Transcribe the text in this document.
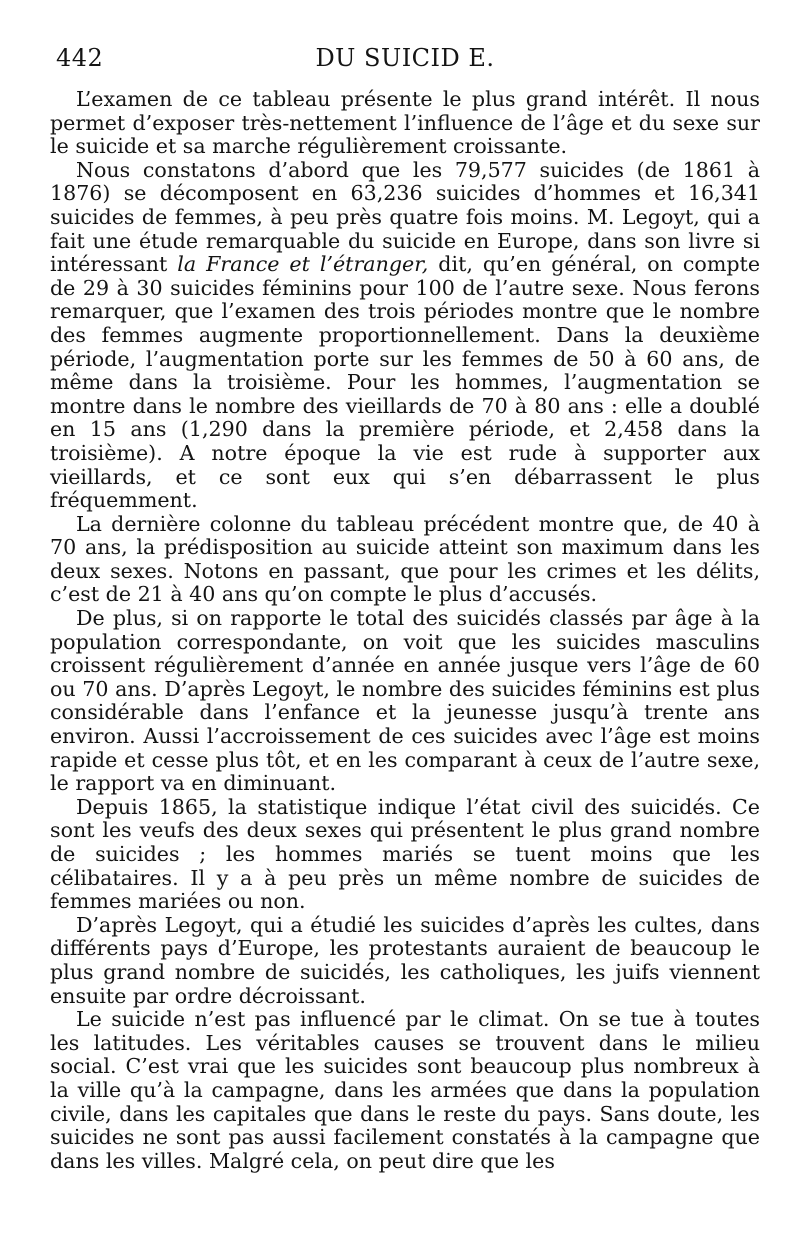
442	DU SUICID E.

L’examen de ce tableau présente le plus grand intérêt. Il nous permet d’exposer très-nettement l’influence de l’âge et du sexe sur le suicide et sa marche régulièrement croissante.

Nous constatons d’abord que les 79,577 suicides (de 1861 à 1876) se décomposent en 63,236 suicides d’hommes et 16,341 suicides de femmes, à peu près quatre fois moins. M. Legoyt, qui a fait une étude remarquable du suicide en Europe, dans son livre si intéressant la France et l’étranger, dit, qu’en général, on compte de 29 à 30 suicides féminins pour 100 de l’autre sexe. Nous ferons remarquer, que l’examen des trois périodes montre que le nombre des femmes augmente proportionnellement. Dans la deuxième période, l’augmentation porte sur les femmes de 50 à 60 ans, de même dans la troisième. Pour les hommes, l’augmentation se montre dans le nombre des vieillards de 70 à 80 ans : elle a doublé en 15 ans (1,290 dans la première période, et 2,458 dans la troisième). A notre époque la vie est rude à supporter aux vieillards, et ce sont eux qui s’en débarrassent le plus fréquemment.

La dernière colonne du tableau précédent montre que, de 40 à 70 ans, la prédisposition au suicide atteint son maximum dans les deux sexes. Notons en passant, que pour les crimes et les délits, c’est de 21 à 40 ans qu’on compte le plus d’accusés.

De plus, si on rapporte le total des suicidés classés par âge à la population correspondante, on voit que les suicides masculins croissent régulièrement d’année en année jusque vers l’âge de 60 ou 70 ans. D’après Legoyt, le nombre des suicides féminins est plus considérable dans l’enfance et la jeunesse jusqu’à trente ans environ. Aussi l’accroissement de ces suicides avec l’âge est moins rapide et cesse plus tôt, et en les comparant à ceux de l’autre sexe, le rapport va en diminuant.

Depuis 1865, la statistique indique l’état civil des suicidés. Ce sont les veufs des deux sexes qui présentent le plus grand nombre de suicides ; les hommes mariés se tuent moins que les célibataires. Il y a à peu près un même nombre de suicides de femmes mariées ou non.

D’après Legoyt, qui a étudié les suicides d’après les cultes, dans différents pays d’Europe, les protestants auraient de beaucoup le plus grand nombre de suicidés, les catholiques, les juifs viennent ensuite par ordre décroissant.

Le suicide n’est pas influencé par le climat. On se tue à toutes les latitudes. Les véritables causes se trouvent dans le milieu social. C’est vrai que les suicides sont beaucoup plus nombreux à la ville qu’à la campagne, dans les armées que dans la population civile, dans les capitales que dans le reste du pays. Sans doute, les suicides ne sont pas aussi facilement constatés à la campagne que dans les villes. Malgré cela, on peut dire que les
